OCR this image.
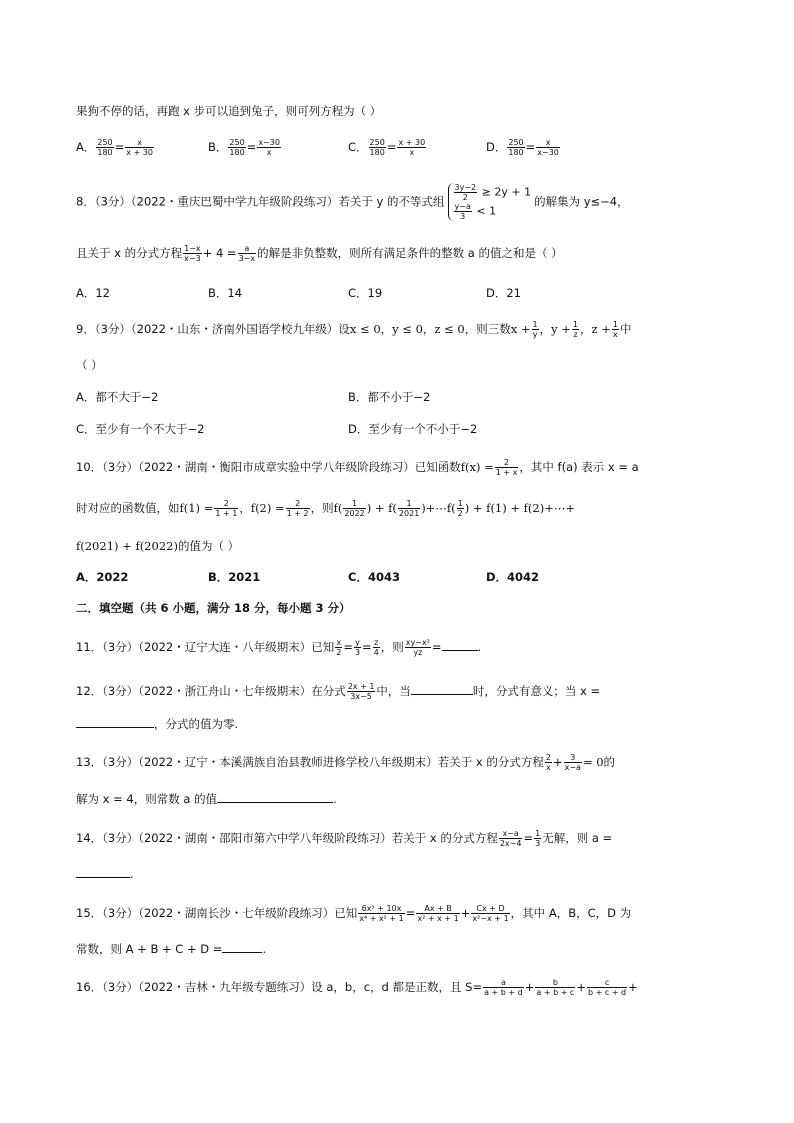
果狗不停的话，再跑 x 步可以追到兔子，则可列方程为（ ）
A． $\frac{250}{180} = \frac{x}{x + 30}$	B． $\frac{250}{180} = \frac{x-30}{x}$	C． $\frac{250}{180} = \frac{x + 30}{x}$	D． $\frac{250}{180} = \frac{x}{x-30}$
8．（3分）（2022・重庆巴蜀中学九年级阶段练习）若关于 y 的不等式组 $\frac{3y-2}{2} \ge 2y + 1$
$\frac{y-a}{3} < 1$
的解集为 y≤−4，
且关于 x 的分式方程 $\frac{1-x}{x-3} + 4 = \frac{a}{3-x}$ 的解是非负整数，则所有满足条件的整数 a 的值之和是（ ）
A．12	B．14	C．19	D．21
9．（3分）（2022・山东・济南外国语学校九年级）设x ≤ 0，y ≤ 0，z ≤ 0，则三数$x + \frac{1}{y}$ ，$y + \frac{1}{z}$ ，$z + \frac{1}{x}$ 中
（ ）
A．都不大于−2	B．都不小于−2
C．至少有一个不大于−2	D．至少有一个不小于−2
10．（3分）（2022・湖南・衡阳市成章实验中学八年级阶段练习）已知函数$f(x) = \frac{2}{1 + x}$ ，其中 f(a) 表示 x = a
时对应的函数值，如$f(1) = \frac{2}{1 + 1}$ ，$f(2) = \frac{2}{1 + 2}$ ，则$f( \frac{1}{2022}$ ) + $f( \frac{1}{2021}$ )+⋯f( $\frac{1}{2}$ ) + f(1) + f(2)+⋯+
f(2021) + f(2022)的值为（ ）
A．2022	B．2021	C．4043	D．4042
二．填空题（共 6 小题，满分 18 分，每小题 3 分）
11．（3分）（2022・辽宁大连・八年级期末）已知 $\frac{x}{2} = \frac{y}{3} = \frac{z}{4}$ ，则 $\frac{\text{xy−x²}}{yz}$ =	.
12．（3分）（2022・浙江舟山・七年级期末）在分式 $\frac{2x + 1}{3x-5}$ 中，当	时，分式有意义；当 x =
，分式的值为零.
13．（3分）（2022・辽宁・本溪满族自治县教师进修学校八年级期末）若关于 x 的分式方程 $\frac{2}{x} + \frac{3}{x-a} = 0$的
解为 x = 4，则常数 a 的值	.
14．（3分）（2022・湖南・邵阳市第六中学八年级阶段练习）若关于 x 的分式方程 $\frac{x-a}{2x-4} = \frac{1}{3}$ 无解，则 a =
.
15．（3分）（2022・湖南长沙・七年级阶段练习）已知 $\frac{\text{6x³ + 10x}}{\text{x⁴ + x² + 1}} = \frac{Ax + B}{\text{x² + x + 1}} + \frac{Cx + D}{\text{x²−x + 1}}$ ，其中 A，B，C，D 为
常数，则 A + B + C + D =	.
16．（3分）（2022・吉林・九年级专题练习）设 a，b，c，d 都是正数，且 $S= \frac{a}{a + b + d} + \frac{b}{a + b + c} + \frac{c}{b + c + d}$ +
